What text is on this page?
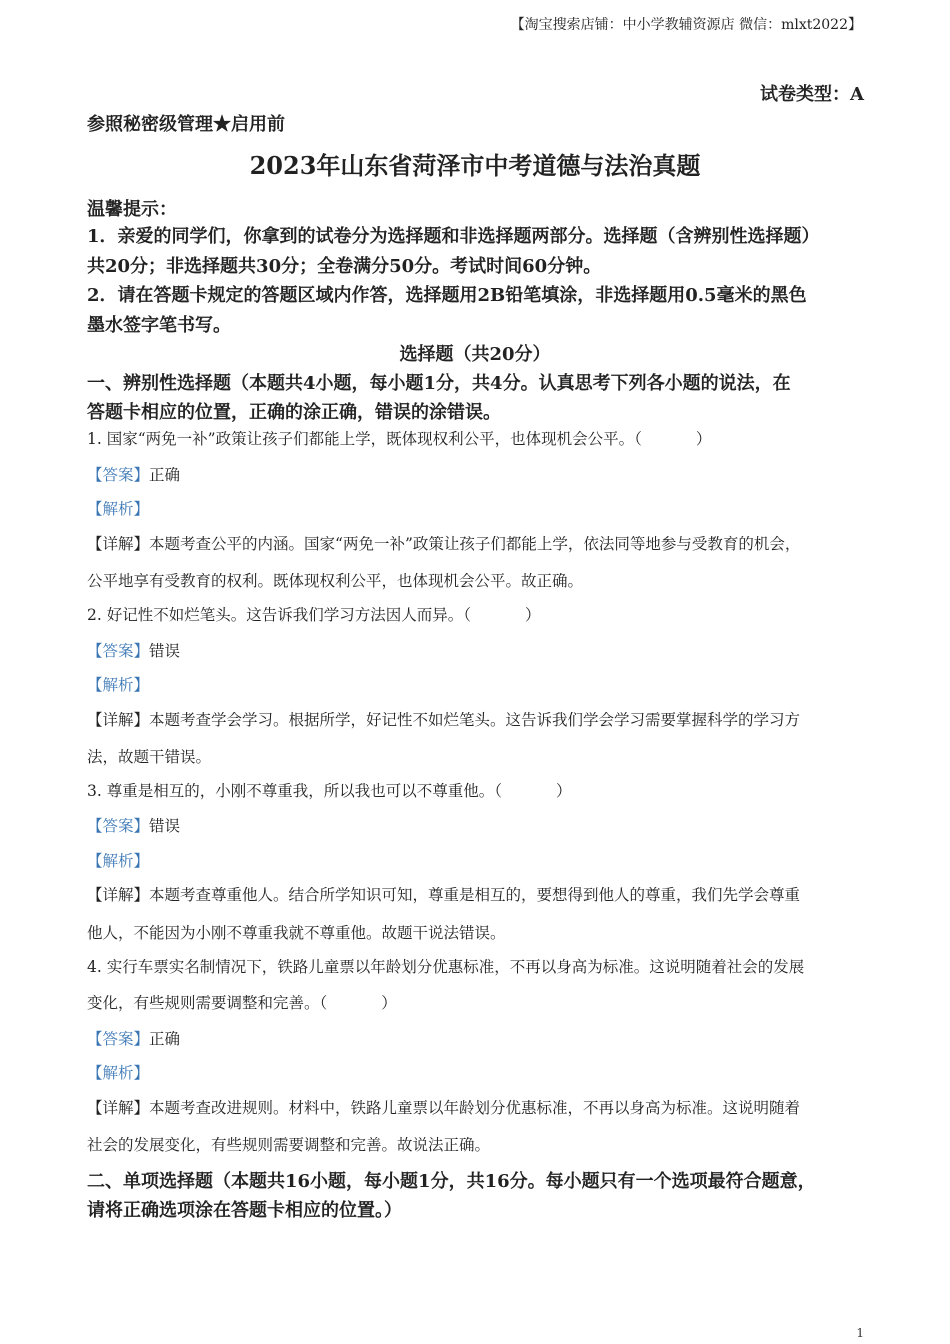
【淘宝搜索店铺：中小学教辅资源店 微信：mlxt2022】
试卷类型：A
参照秘密级管理★启用前
2023年山东省菏泽市中考道德与法治真题
温馨提示：
1．亲爱的同学们，你拿到的试卷分为选择题和非选择题两部分。选择题（含辨别性选择题）
共20分；非选择题共30分；全卷满分50分。考试时间60分钟。
2．请在答题卡规定的答题区域内作答，选择题用2B铅笔填涂，非选择题用0.5毫米的黑色
墨水签字笔书写。
选择题（共20分）
一、辨别性选择题（本题共4小题，每小题1分，共4分。认真思考下列各小题的说法，在
答题卡相应的位置，正确的涂正确，错误的涂错误。
1. 国家“两免一补”政策让孩子们都能上学，既体现权利公平，也体现机会公平。（	）
【答案】正确
【解析】
【详解】本题考查公平的内涵。国家“两免一补”政策让孩子们都能上学，依法同等地参与受教育的机会，
公平地享有受教育的权利。既体现权利公平，也体现机会公平。故正确。
2. 好记性不如烂笔头。这告诉我们学习方法因人而异。（	）
【答案】错误
【解析】
【详解】本题考查学会学习。根据所学，好记性不如烂笔头。这告诉我们学会学习需要掌握科学的学习方
法，故题干错误。
3. 尊重是相互的，小刚不尊重我，所以我也可以不尊重他。（	）
【答案】错误
【解析】
【详解】本题考查尊重他人。结合所学知识可知，尊重是相互的，要想得到他人的尊重，我们先学会尊重
他人，不能因为小刚不尊重我就不尊重他。故题干说法错误。
4. 实行车票实名制情况下，铁路儿童票以年龄划分优惠标准，不再以身高为标准。这说明随着社会的发展
变化，有些规则需要调整和完善。（	）
【答案】正确
【解析】
【详解】本题考查改进规则。材料中，铁路儿童票以年龄划分优惠标准，不再以身高为标准。这说明随着
社会的发展变化，有些规则需要调整和完善。故说法正确。
二、单项选择题（本题共16小题，每小题1分，共16分。每小题只有一个选项最符合题意，
请将正确选项涂在答题卡相应的位置。）
1
